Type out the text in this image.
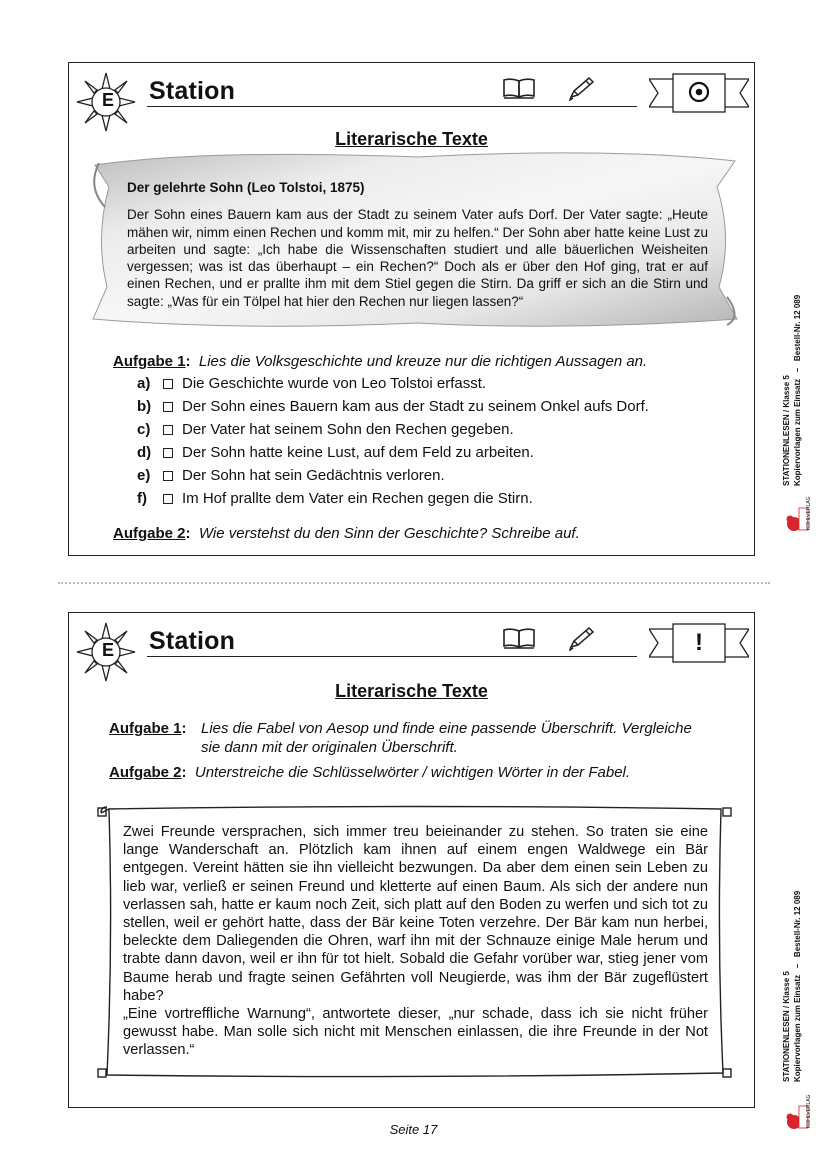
E Station
Literarische Texte
Der gelehrte Sohn (Leo Tolstoi, 1875)
Der Sohn eines Bauern kam aus der Stadt zu seinem Vater aufs Dorf. Der Vater sagte: „Heute mähen wir, nimm einen Rechen und komm mit, mir zu helfen.“ Der Sohn aber hatte keine Lust zu arbeiten und sagte: „Ich habe die Wissenschaften studiert und alle bäuerlichen Weisheiten vergessen; was ist das überhaupt – ein Rechen?“ Doch als er über den Hof ging, trat er auf einen Rechen, und er prallte ihm mit dem Stiel gegen die Stirn. Da griff er sich an die Stirn und sagte: „Was für ein Tölpel hat hier den Rechen nur liegen lassen?“
Aufgabe 1: Lies die Volksgeschichte und kreuze nur die richtigen Aussagen an.
a)	Die Geschichte wurde von Leo Tolstoi erfasst.
b)	Der Sohn eines Bauern kam aus der Stadt zu seinem Onkel aufs Dorf.
c)	Der Vater hat seinem Sohn den Rechen gegeben.
d)	Der Sohn hatte keine Lust, auf dem Feld zu arbeiten.
e)	Der Sohn hat sein Gedächtnis verloren.
f)	Im Hof prallte dem Vater ein Rechen gegen die Stirn.
Aufgabe 2: Wie verstehst du den Sinn der Geschichte? Schreibe auf.
E Station	!
Literarische Texte
Aufgabe 1: Lies die Fabel von Aesop und finde eine passende Überschrift. Vergleiche
sie dann mit der originalen Überschrift.
Aufgabe 2: Unterstreiche die Schlüsselwörter / wichtigen Wörter in der Fabel.
Zwei Freunde versprachen, sich immer treu beieinander zu stehen. So traten sie eine lange Wanderschaft an. Plötzlich kam ihnen auf einem engen Waldwege ein Bär entgegen. Vereint hätten sie ihn vielleicht bezwungen. Da aber dem einen sein Leben zu lieb war, verließ er seinen Freund und kletterte auf einen Baum. Als sich der andere nun verlassen sah, hatte er kaum noch Zeit, sich platt auf den Boden zu werfen und sich tot zu stellen, weil er gehört hatte, dass der Bär keine Toten verzehre. Der Bär kam nun herbei, beleckte dem Daliegenden die Ohren, warf ihn mit der Schnauze einige Male herum und trabte dann davon, weil er ihn für tot hielt. Sobald die Gefahr vorüber war, stieg jener vom Baume herab und fragte seinen Gefährten voll Neugierde, was ihm der Bär zugeflüstert habe?
„Eine vortreffliche Warnung“, antwortete dieser, „nur schade, dass ich sie nicht früher gewusst habe. Man solle sich nicht mit Menschen einlassen, die ihre Freunde in der Not verlassen.“
STATIONENLESEN / Klasse 5 Kopiervorlagen zum Einsatz   –   Bestell-Nr. 12 089
KOHLVERLAG
STATIONENLESEN / Klasse 5 Kopiervorlagen zum Einsatz   –   Bestell-Nr. 12 089
KOHLVERLAG
Seite 17
